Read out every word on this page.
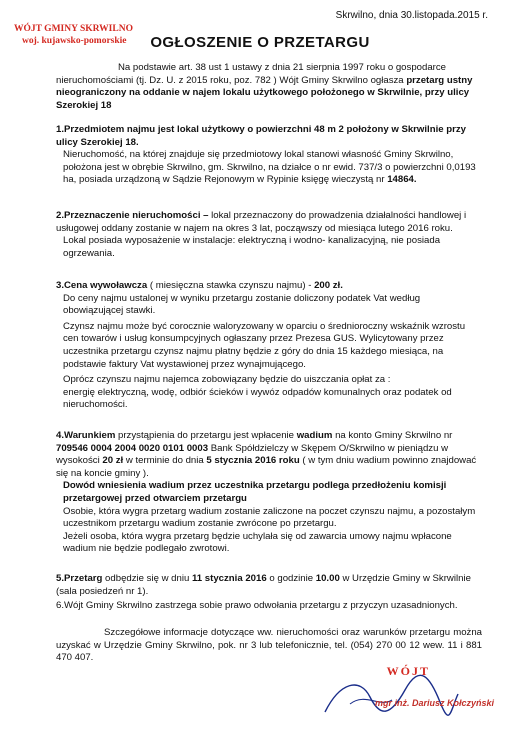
WÓJT GMINY SKRWILNO
woj. kujawsko-pomorskie
Skrwilno, dnia 30.listopada.2015 r.
OGŁOSZENIE O PRZETARGU
Na podstawie art. 38 ust 1 ustawy z dnia 21 sierpnia 1997 roku o gospodarce nieruchomościami (tj. Dz. U. z 2015 roku, poz. 782 ) Wójt Gminy Skrwilno ogłasza przetarg ustny nieograniczony na oddanie w najem lokalu użytkowego położonego w Skrwilnie, przy ulicy Szerokiej 18
1.Przedmiotem najmu jest lokal użytkowy o powierzchni 48 m 2 położony w Skrwilnie przy ulicy Szerokiej 18.
Nieruchomość, na której znajduje się przedmiotowy lokal stanowi własność Gminy Skrwilno, położona jest w obrębie Skrwilno, gm. Skrwilno, na działce o nr ewid. 737/3 o powierzchni 0,0193 ha, posiada urządzoną w Sądzie Rejonowym w Rypinie księgę wieczystą nr 14864.
2.Przeznaczenie nieruchomości – lokal przeznaczony do prowadzenia działalności handlowej i usługowej oddany zostanie w najem na okres 3 lat, począwszy od miesiąca lutego 2016 roku.
Lokal posiada wyposażenie w instalacje: elektryczną i wodno- kanalizacyjną, nie posiada ogrzewania.
3.Cena wywoławcza ( miesięczna stawka czynszu najmu) - 200 zł.
Do ceny najmu ustalonej w wyniku przetargu zostanie doliczony podatek Vat według obowiązującej stawki.
Czynsz najmu może być corocznie waloryzowany w oparciu o średnioroczny wskaźnik wzrostu cen towarów i usług konsumpcyjnych ogłaszany przez Prezesa GUS. Wylicytowany przez uczestnika przetargu czynsz najmu płatny będzie z góry do dnia 15 każdego miesiąca, na podstawie faktury Vat wystawionej przez wynajmującego.
Oprócz czynszu najmu najemca zobowiązany będzie do uiszczania opłat za :
energię elektryczną, wodę, odbiór ścieków i wywóz odpadów komunalnych oraz podatek od nieruchomości.
4.Warunkiem przystąpienia do przetargu jest wpłacenie wadium na konto Gminy Skrwilno nr 709546 0004 2004 0020 0101 0003 Bank Spółdzielczy w Skępem O/Skrwilno w pieniądzu w wysokości 20 zł w terminie do dnia 5 stycznia 2016 roku ( w tym dniu wadium powinno znajdować się na koncie gminy ).
Dowód wniesienia wadium przez uczestnika przetargu podlega przedłożeniu komisji przetargowej przed otwarciem przetargu
Osobie, która wygra przetarg wadium zostanie zaliczone na poczet czynszu najmu, a pozostałym uczestnikom przetargu wadium zostanie zwrócone po przetargu.
Jeżeli osoba, która wygra przetarg będzie uchylała się od zawarcia umowy najmu wpłacone wadium nie będzie podlegało zwrotowi.
5.Przetarg odbędzie się w dniu 11 stycznia 2016 o godzinie 10.00 w Urzędzie Gminy w Skrwilnie (sala posiedzeń nr 1).
6.Wójt Gminy Skrwilno zastrzega sobie prawo odwołania przetargu z przyczyn uzasadnionych.
Szczegółowe informacje dotyczące ww. nieruchomości oraz warunków przetargu można uzyskać w Urzędzie Gminy Skrwilno, pok. nr 3 lub telefonicznie, tel. (054) 270 00 12 wew. 11 i 881 470 407.
WÓJT
mgr inż. Dariusz Kołczyński
